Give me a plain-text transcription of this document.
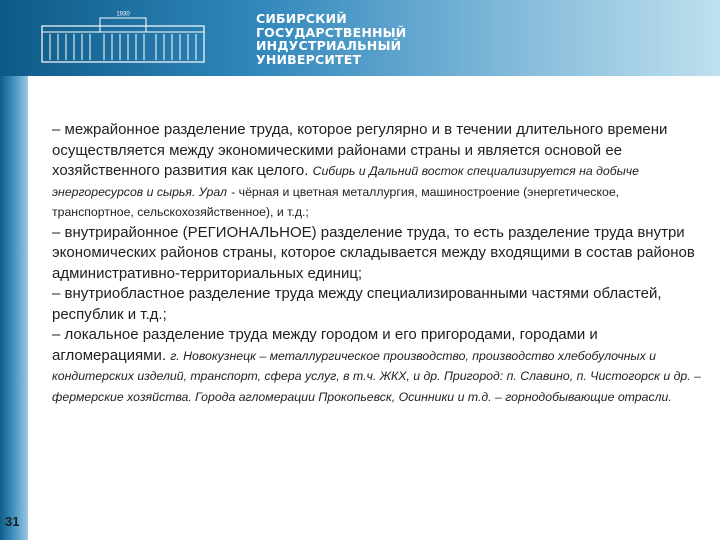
1930	СИБИРСКИЙ
ГОСУДАРСТВЕННЫЙ
ИНДУСТРИАЛЬНЫЙ
УНИВЕРСИТЕТ

– межрайонное разделение труда, которое регулярно и в течении длительного времени осуществляется между экономическими районами страны и является основой ее хозяйственного развития как целого. Сибирь и Дальний восток специализируется на добыче энергоресурсов и сырья. Урал - чёрная и цветная металлургия, машиностроение (энергетическое, транспортное, сельскохозяйственное), и т.д.;

– внутрирайонное (РЕГИОНАЛЬНОЕ) разделение труда, то есть разделение труда внутри экономических районов страны, которое складывается между входящими в состав районов административно-территориальных единиц;

– внутриобластное разделение труда между специализированными частями областей, республик и т.д.;

– локальное разделение труда между городом и его пригородами, городами и агломерациями. г. Новокузнецк – металлургическое производство, производство хлебобулочных и кондитерских изделий, транспорт, сфера услуг, в т.ч. ЖКХ, и др. Пригород: п. Славино, п. Чистогорск и др. – фермерские хозяйства. Города агломерации Прокопьевск, Осинники и т.д. – горнодобывающие отрасли.

31
